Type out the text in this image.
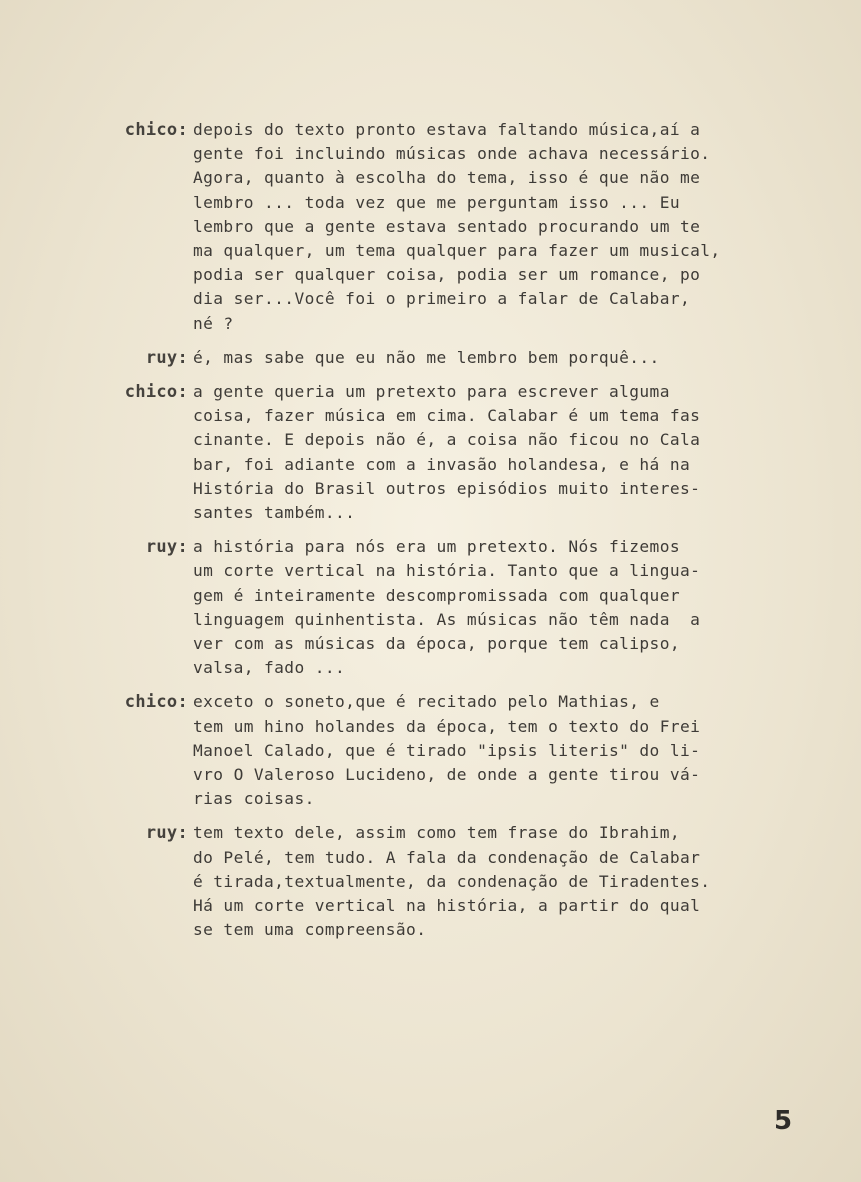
chico: depois do texto pronto estava faltando música,aí a
gente foi incluindo músicas onde achava necessário.
Agora, quanto à escolha do tema, isso é que não me
lembro ... toda vez que me perguntam isso ... Eu
lembro que a gente estava sentado procurando um te
ma qualquer, um tema qualquer para fazer um musical,
podia ser qualquer coisa, podia ser um romance, po
dia ser...Você foi o primeiro a falar de Calabar,
né ?
ruy: é, mas sabe que eu não me lembro bem porquê...
chico: a gente queria um pretexto para escrever alguma
coisa, fazer música em cima. Calabar é um tema fas
cinante. E depois não é, a coisa não ficou no Cala
bar, foi adiante com a invasão holandesa, e há na
História do Brasil outros episódios muito interes-
santes também...
ruy: a história para nós era um pretexto. Nós fizemos
um corte vertical na história. Tanto que a lingua-
gem é inteiramente descompromissada com qualquer
linguagem quinhentista. As músicas não têm nada  a
ver com as músicas da época, porque tem calipso,
valsa, fado ...
chico: exceto o soneto,que é recitado pelo Mathias, e
tem um hino holandes da época, tem o texto do Frei
Manoel Calado, que é tirado "ipsis literis" do li-
vro O Valeroso Lucideno, de onde a gente tirou vá-
rias coisas.
ruy: tem texto dele, assim como tem frase do Ibrahim,
do Pelé, tem tudo. A fala da condenação de Calabar
é tirada,textualmente, da condenação de Tiradentes.
Há um corte vertical na história, a partir do qual
se tem uma compreensão.
5
